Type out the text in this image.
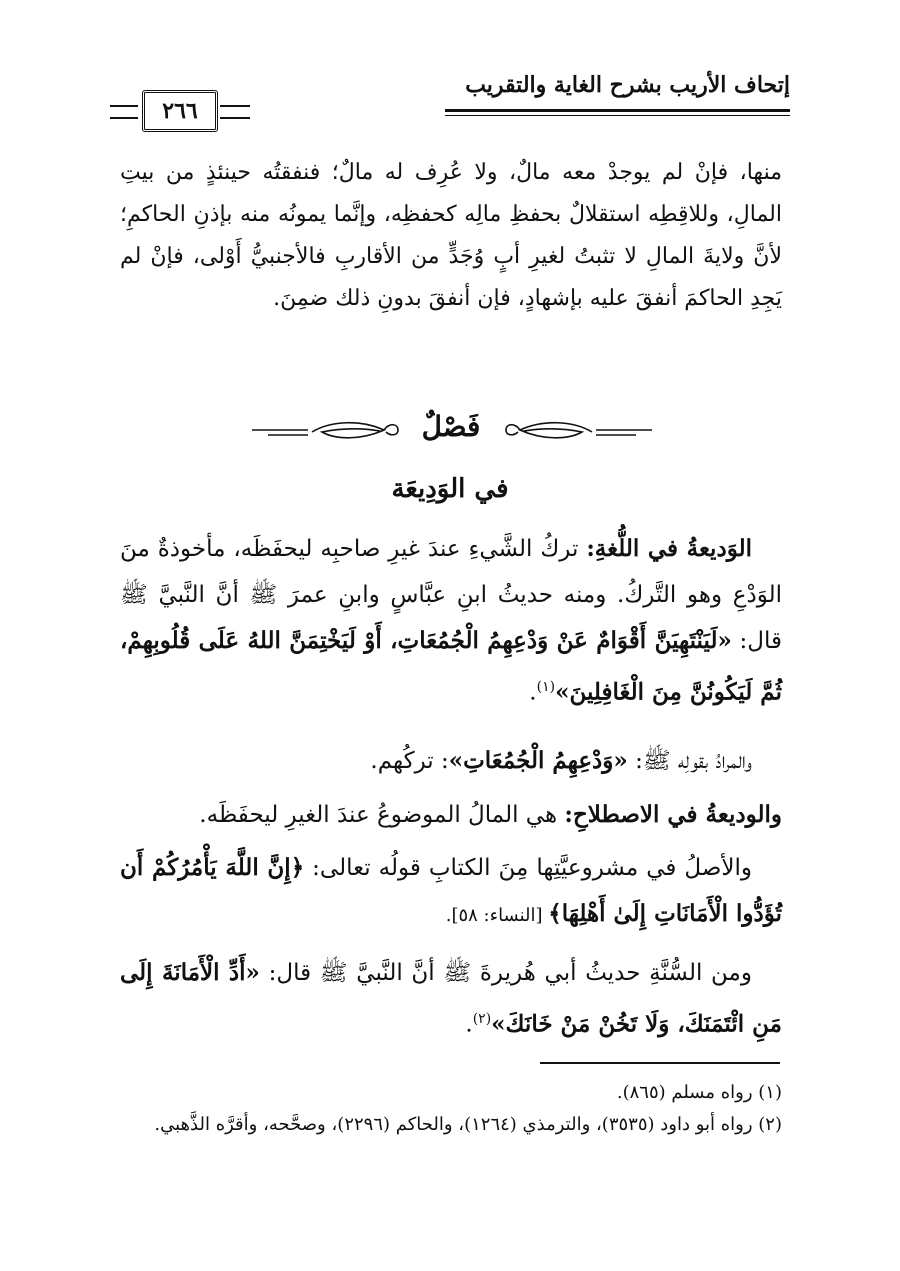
إتحاف الأريب بشرح الغاية والتقريب
٢٦٦
منها، فإنْ لم يوجدْ معه مالٌ، ولا عُرِف له مالٌ؛ فنفقتُه حينئذٍ من بيتِ المالِ، وللاقِطِه استقلالٌ بحفظِ مالِه كحفظِه، وإنَّما يمونُه منه بإذنِ الحاكمِ؛ لأنَّ ولايةَ المالِ لا تثبتُ لغيرِ أبٍ وُجَدٍّ من الأقاربِ فالأجنبيُّ أَوْلى، فإنْ لم يَجِدِ الحاكمَ أنفقَ عليه بإشهادٍ، فإن أنفقَ بدونِ ذلك ضمِنَ.
فَصْلٌ
في الوَدِيعَة
الوَديعةُ في اللُّغةِ: تركُ الشَّيءِ عندَ غيرِ صاحبِه ليحفَظَه، مأخوذةٌ منَ الوَدْعِ وهو التَّركُ. ومنه حديثُ ابنِ عبَّاسٍ وابنِ عمرَ ﷺ أنَّ النَّبيَّ ﷺ قال: «لَيَنْتَهِيَنَّ أَقْوَامٌ عَنْ وَدْعِهِمُ الْجُمُعَاتِ، أَوْ لَيَخْتِمَنَّ اللهُ عَلَى قُلُوبِهِمْ، ثُمَّ لَيَكُونُنَّ مِنَ الْغَافِلِينَ»$^{(١)}$.
والمرادُ بقولِه ﷺ: «وَدْعِهِمُ الْجُمُعَاتِ»: تركُهم.
والوديعةُ في الاصطلاحِ: هي المالُ الموضوعُ عندَ الغيرِ ليحفَظَه.
والأصلُ في مشروعيَّتِها مِنَ الكتابِ قولُه تعالى: ﴿إِنَّ اللَّهَ يَأْمُرُكُمْ أَن تُؤَدُّوا الْأَمَانَاتِ إِلَىٰ أَهْلِهَا﴾ [النساء: ٥٨].
ومن السُّنَّةِ حديثُ أبي هُريرةَ ﷺ أنَّ النَّبيَّ ﷺ قال: «أَدِّ الْأَمَانَةَ إِلَى مَنِ ائْتَمَنَكَ، وَلَا تَخُنْ مَنْ خَانَكَ»$^{(٢)}$.
(١) رواه مسلم (٨٦٥).
(٢) رواه أبو داود (٣٥٣٥)، والترمذي (١٢٦٤)، والحاكم (٢٢٩٦)، وصحَّحه، وأقرَّه الذَّهبي.
